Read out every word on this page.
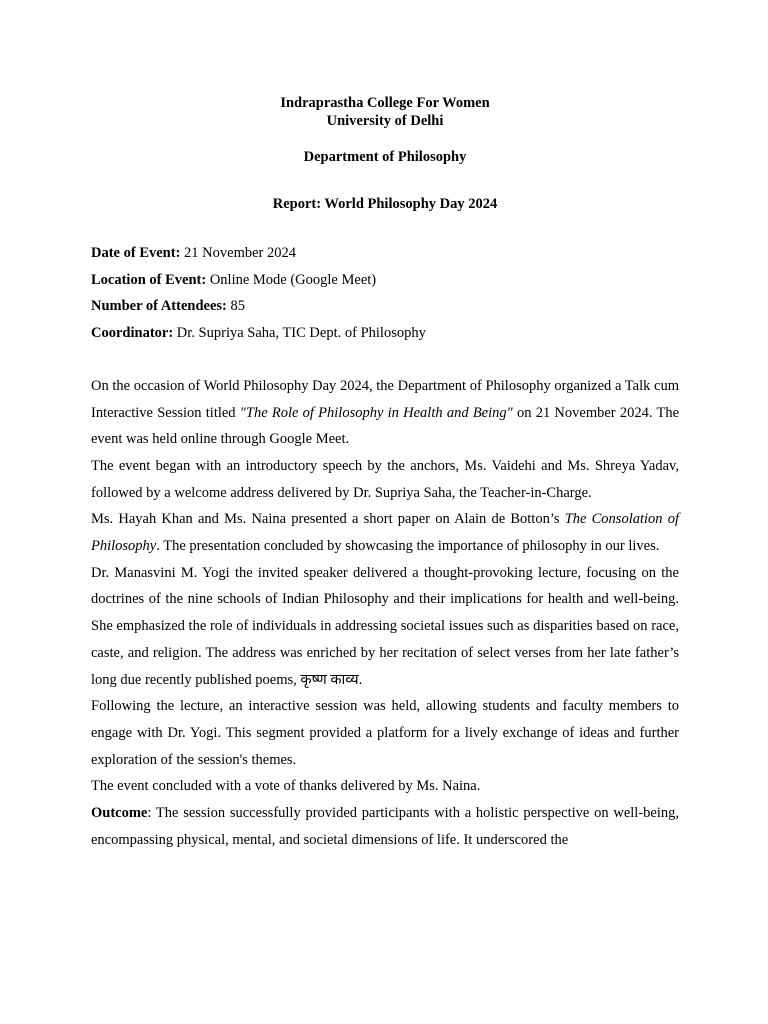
Indraprastha College For Women
University of Delhi
Department of Philosophy
Report: World Philosophy Day 2024
Date of Event: 21 November 2024
Location of Event: Online Mode (Google Meet)
Number of Attendees: 85
Coordinator: Dr. Supriya Saha, TIC Dept. of Philosophy

On the occasion of World Philosophy Day 2024, the Department of Philosophy organized a Talk cum Interactive Session titled "The Role of Philosophy in Health and Being" on 21 November 2024. The event was held online through Google Meet.

The event began with an introductory speech by the anchors, Ms. Vaidehi and Ms. Shreya Yadav, followed by a welcome address delivered by Dr. Supriya Saha, the Teacher-in-Charge.

Ms. Hayah Khan and Ms. Naina presented a short paper on Alain de Botton’s The Consolation of Philosophy. The presentation concluded by showcasing the importance of philosophy in our lives.

Dr. Manasvini M. Yogi the invited speaker delivered a thought-provoking lecture, focusing on the doctrines of the nine schools of Indian Philosophy and their implications for health and well-being. She emphasized the role of individuals in addressing societal issues such as disparities based on race, caste, and religion. The address was enriched by her recitation of select verses from her late father’s long due recently published poems, कृष्ण काव्य.

Following the lecture, an interactive session was held, allowing students and faculty members to engage with Dr. Yogi. This segment provided a platform for a lively exchange of ideas and further exploration of the session's themes.

The event concluded with a vote of thanks delivered by Ms. Naina.

Outcome: The session successfully provided participants with a holistic perspective on well-being, encompassing physical, mental, and societal dimensions of life. It underscored the
